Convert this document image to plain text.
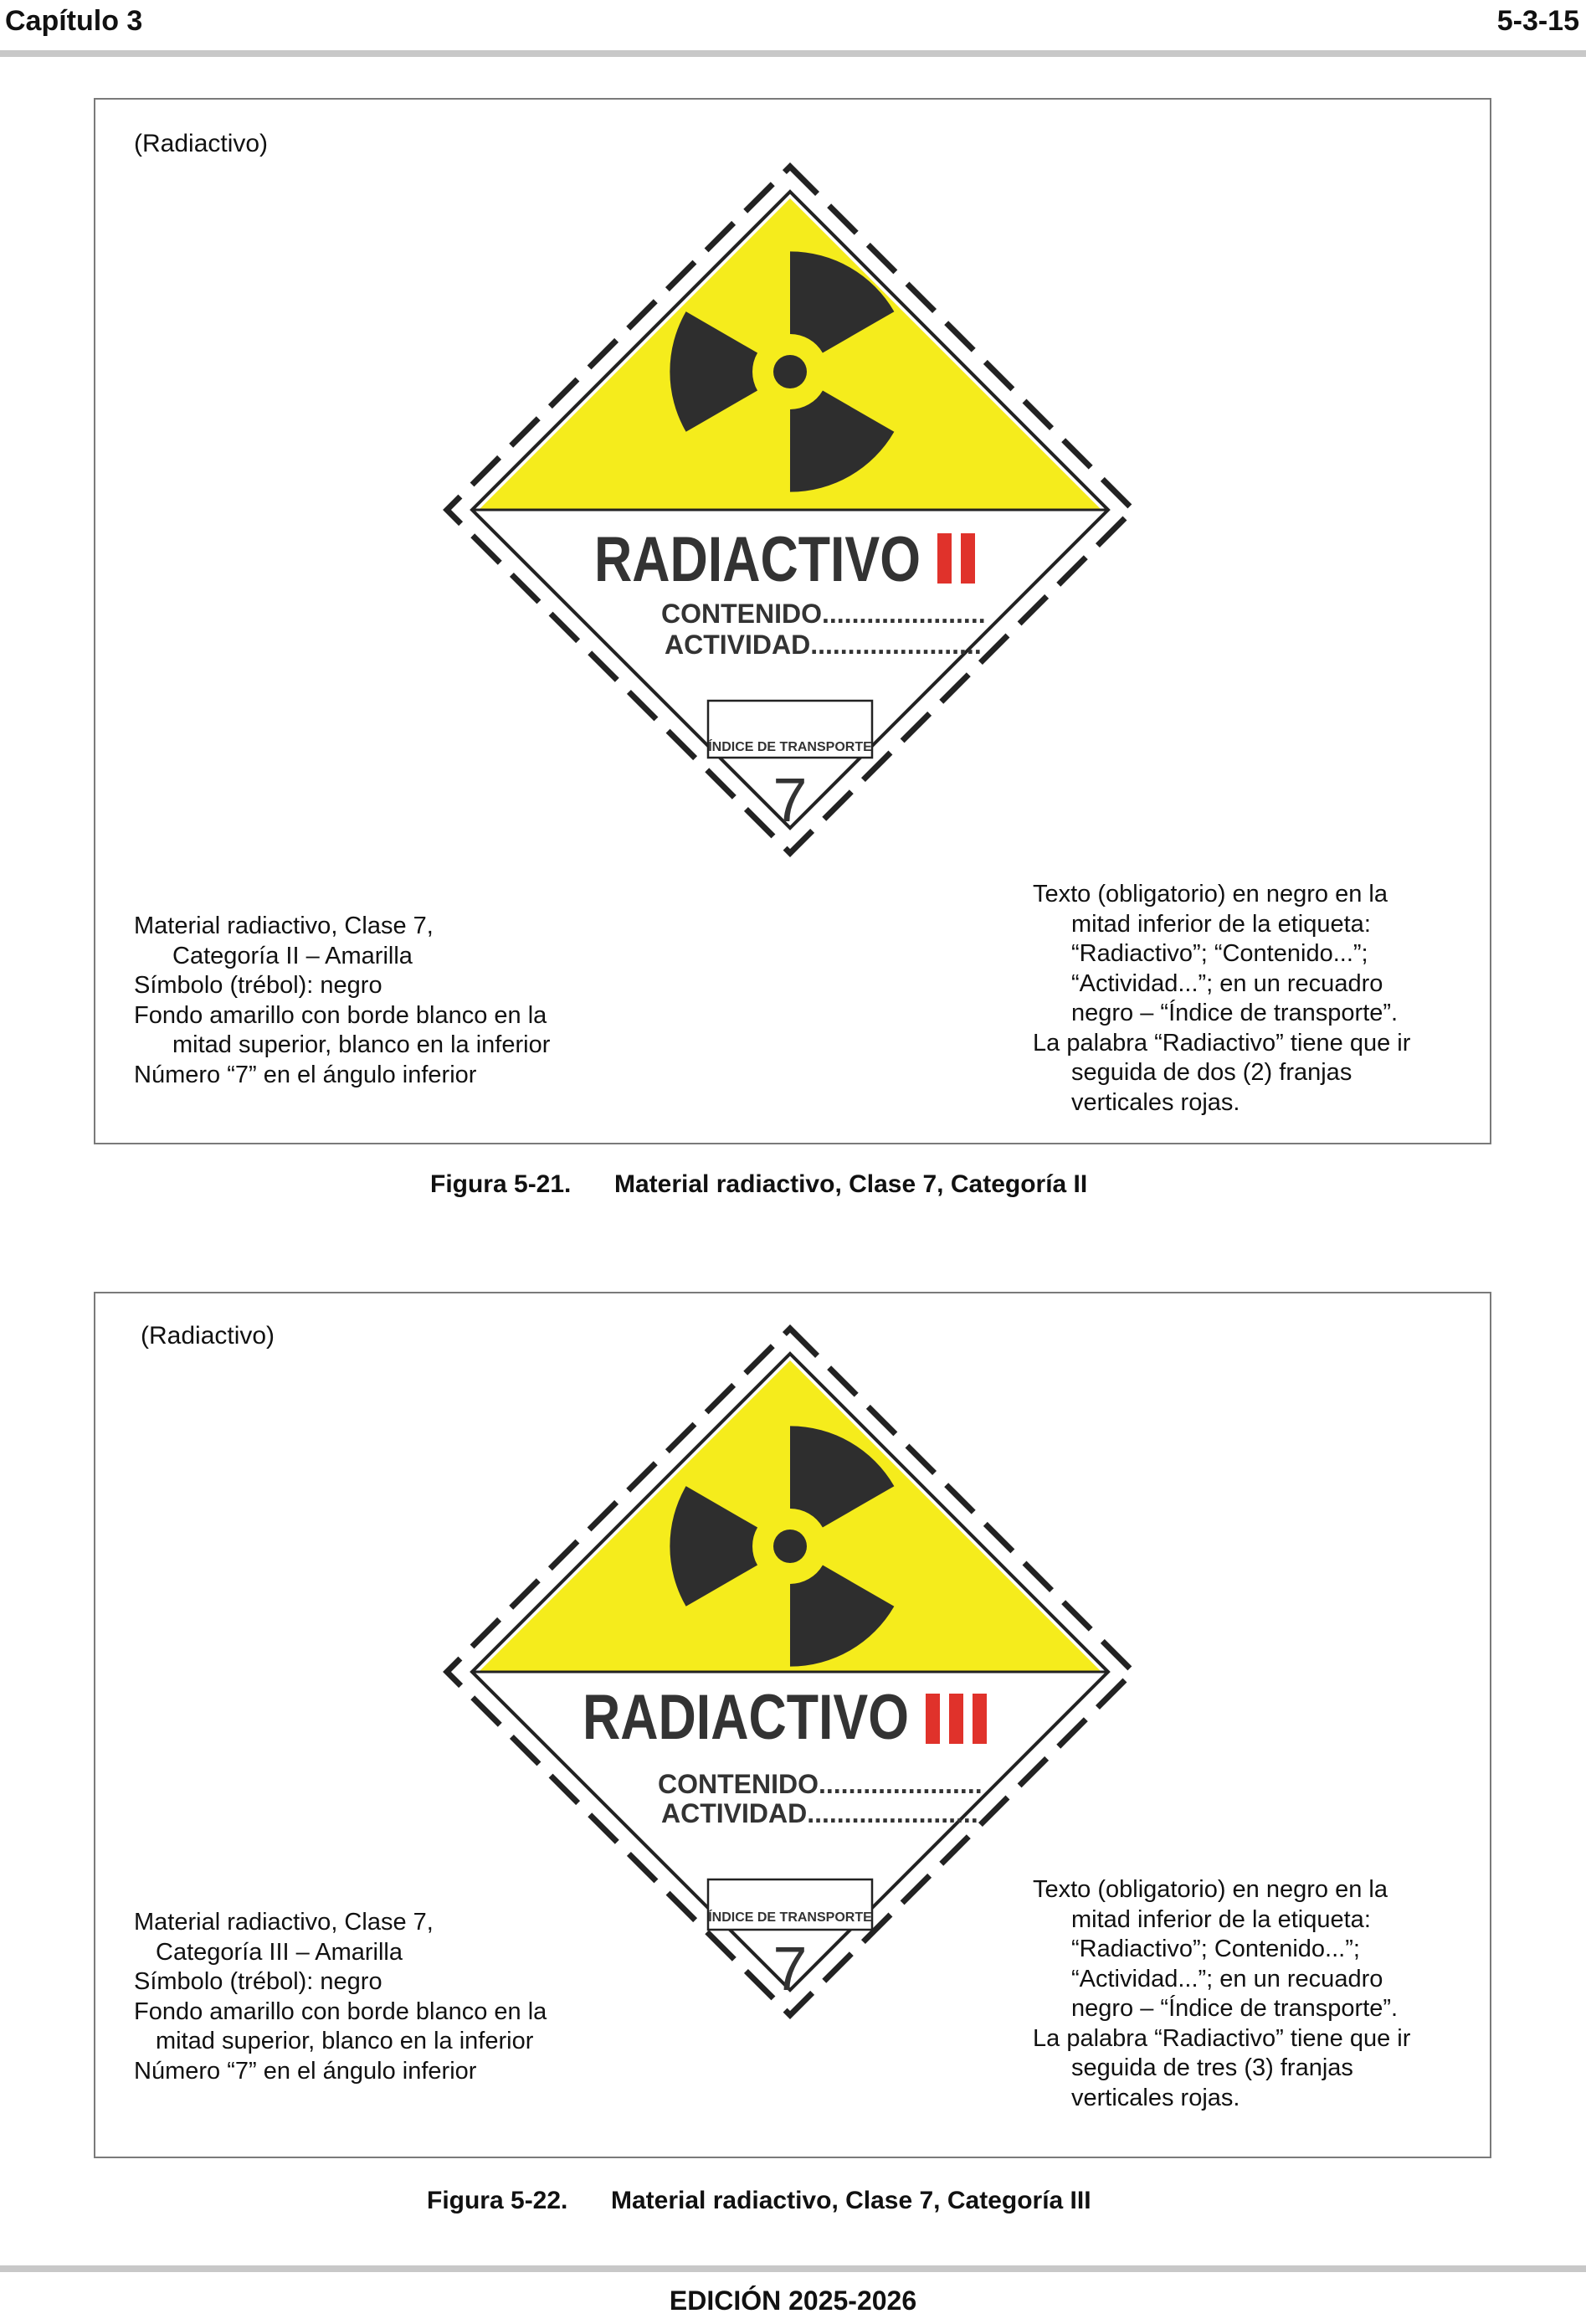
Capítulo 3	5-3-15
(Radiactivo)
RADIACTIVO
CONTENIDO......................
ACTIVIDAD.......................
ÍNDICE DE TRANSPORTE
7
Material radiactivo, Clase 7,
Categoría II – Amarilla
Símbolo (trébol): negro
Fondo amarillo con borde blanco en la
mitad superior, blanco en la inferior
Número “7” en el ángulo inferior
Texto (obligatorio) en negro en la
mitad inferior de la etiqueta:
“Radiactivo”; “Contenido...”;
“Actividad...”; en un recuadro
negro – “Índice de transporte”.
La palabra “Radiactivo” tiene que ir
seguida de dos (2) franjas
verticales rojas.
Figura 5-21. Material radiactivo, Clase 7, Categoría II
(Radiactivo)
RADIACTIVO
CONTENIDO......................
ACTIVIDAD.......................
ÍNDICE DE TRANSPORTE
7
Material radiactivo, Clase 7,
Categoría III – Amarilla
Símbolo (trébol): negro
Fondo amarillo con borde blanco en la
mitad superior, blanco en la inferior
Número “7” en el ángulo inferior
Texto (obligatorio) en negro en la
mitad inferior de la etiqueta:
“Radiactivo”; Contenido...”;
“Actividad...”; en un recuadro
negro – “Índice de transporte”.
La palabra “Radiactivo” tiene que ir
seguida de tres (3) franjas
verticales rojas.
Figura 5-22. Material radiactivo, Clase 7, Categoría III
EDICIÓN 2025-2026
